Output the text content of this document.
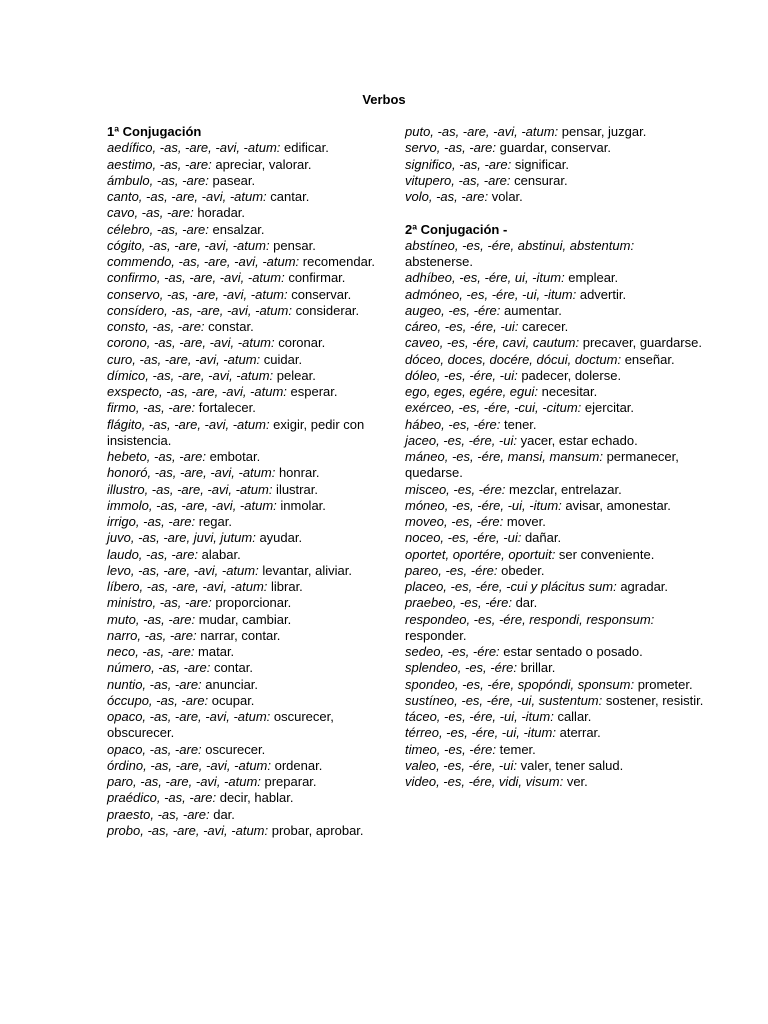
Verbos

1ª Conjugación

aedífico, -as, -are, -avi, -atum: edificar.

aestimo, -as, -are: apreciar, valorar.

ámbulo, -as, -are: pasear.

canto, -as, -are, -avi, -atum: cantar.

cavo, -as, -are: horadar.

célebro, -as, -are: ensalzar.

cógito, -as, -are, -avi, -atum: pensar.

commendo, -as, -are, -avi, -atum: recomendar.

confirmo, -as, -are, -avi, -atum: confirmar.

conservo, -as, -are, -avi, -atum: conservar.

consídero, -as, -are, -avi, -atum: considerar.

consto, -as, -are: constar.

corono, -as, -are, -avi, -atum: coronar.

curo, -as, -are, -avi, -atum: cuidar.

dímico, -as, -are, -avi, -atum: pelear.

exspecto, -as, -are, -avi, -atum: esperar.

firmo, -as, -are: fortalecer.

flágito, -as, -are, -avi, -atum: exigir, pedir con insistencia.

hebeto, -as, -are: embotar.

honoró, -as, -are, -avi, -atum: honrar.

illustro, -as, -are, -avi, -atum: ilustrar.

immolo, -as, -are, -avi, -atum: inmolar.

irrigo, -as, -are: regar.

juvo, -as, -are, juvi, jutum: ayudar.

laudo, -as, -are: alabar.

levo, -as, -are, -avi, -atum: levantar, aliviar.

líbero, -as, -are, -avi, -atum: librar.

ministro, -as, -are: proporcionar.

muto, -as, -are: mudar, cambiar.

narro, -as, -are: narrar, contar.

neco, -as, -are: matar.

número, -as, -are: contar.

nuntio, -as, -are: anunciar.

óccupo, -as, -are: ocupar.

opaco, -as, -are, -avi, -atum: oscurecer, obscurecer.

opaco, -as, -are: oscurecer.

órdino, -as, -are, -avi, -atum: ordenar.

paro, -as, -are, -avi, -atum: preparar.

praédico, -as, -are: decir, hablar.

praesto, -as, -are: dar.

probo, -as, -are, -avi, -atum: probar, aprobar.

puto, -as, -are, -avi, -atum: pensar, juzgar.

servo, -as, -are: guardar, conservar.

significo, -as, -are: significar.

vitupero, -as, -are: censurar.

volo, -as, -are: volar.

2ª Conjugación -

abstíneo, -es, -ére, abstinui, abstentum: abstenerse.

adhíbeo, -es, -ére, ui, -itum: emplear.

admóneo, -es, -ére, -ui, -itum: advertir.

augeo, -es, -ére: aumentar.

cáreo, -es, -ére, -ui: carecer.

caveo, -es, -ére, cavi, cautum: precaver, guardarse.

dóceo, doces, docére, dócui, doctum: enseñar.

dóleo, -es, -ére, -ui: padecer, dolerse.

ego, eges, egére, egui: necesitar.

exérceo, -es, -ére, -cui, -citum: ejercitar.

hábeo, -es, -ére: tener.

jaceo, -es, -ére, -ui: yacer, estar echado.

máneo, -es, -ére, mansi, mansum: permanecer, quedarse.

misceo, -es, -ére: mezclar, entrelazar.

móneo, -es, -ére, -ui, -itum: avisar, amonestar.

moveo, -es, -ére: mover.

noceo, -es, -ére, -ui: dañar.

oportet, oportére, oportuit: ser conveniente.

pareo, -es, -ére: obeder.

placeo, -es, -ére, -cui y plácitus sum: agradar.

praebeo, -es, -ére: dar.

respondeo, -es, -ére, respondi, responsum: responder.

sedeo, -es, -ére: estar sentado o posado.

splendeo, -es, -ére: brillar.

spondeo, -es, -ére, spopóndi, sponsum: prometer.

sustíneo, -es, -ére, -ui, sustentum: sostener, resistir.

táceo, -es, -ére, -ui, -itum: callar.

térreo, -es, -ére, -ui, -itum: aterrar.

timeo, -es, -ére: temer.

valeo, -es, -ére, -ui: valer, tener salud.

video, -es, -ére, vidi, visum: ver.
